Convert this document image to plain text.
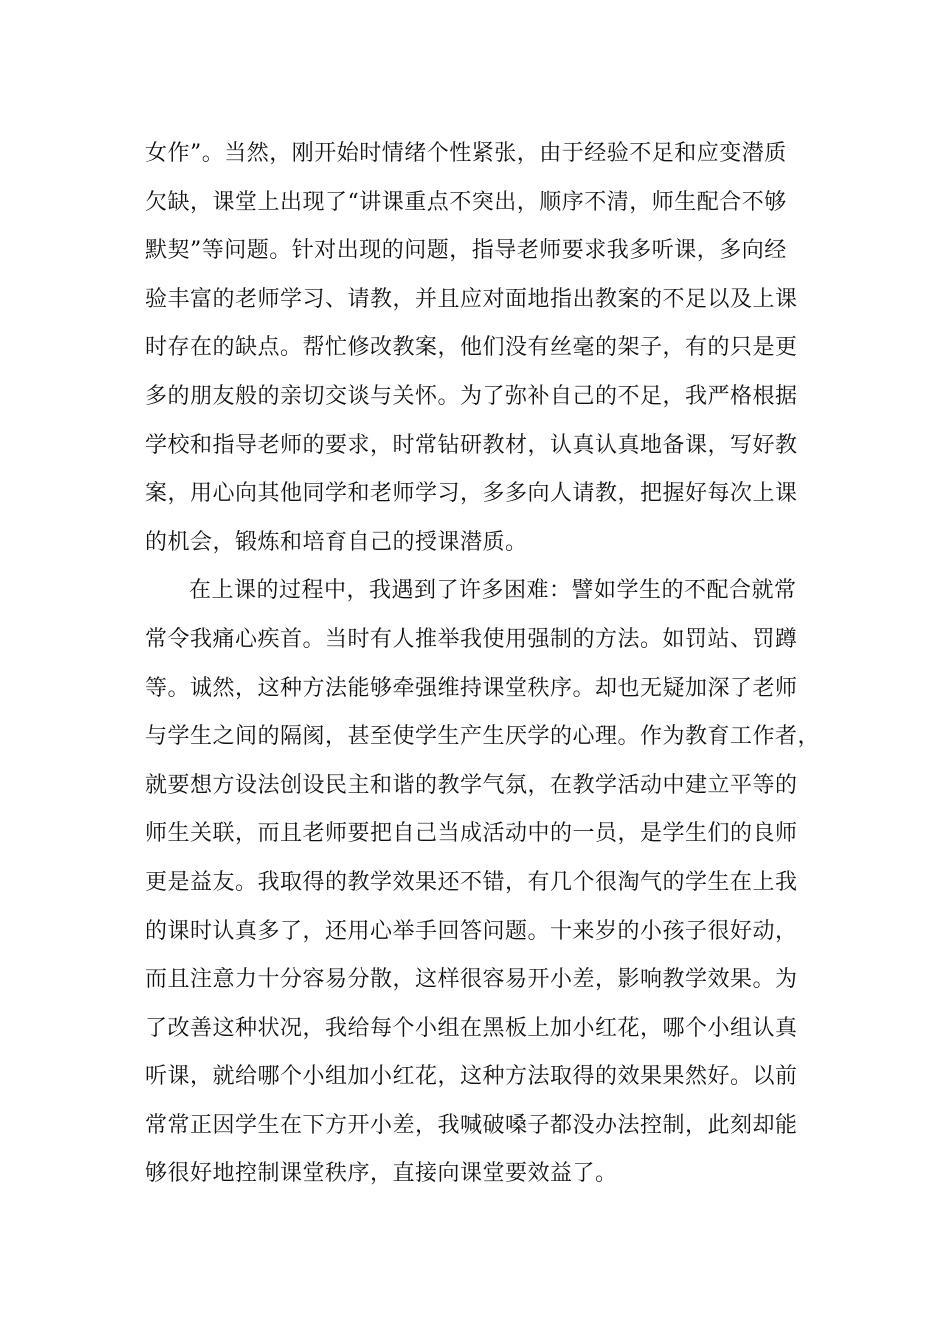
女作”。当然，刚开始时情绪个性紧张，由于经验不足和应变潜质
欠缺，课堂上出现了“讲课重点不突出，顺序不清，师生配合不够
默契”等问题。针对出现的问题，指导老师要求我多听课，多向经
验丰富的老师学习、请教，并且应对面地指出教案的不足以及上课
时存在的缺点。帮忙修改教案，他们没有丝毫的架子，有的只是更
多的朋友般的亲切交谈与关怀。为了弥补自己的不足，我严格根据
学校和指导老师的要求，时常钻研教材，认真认真地备课，写好教
案，用心向其他同学和老师学习，多多向人请教，把握好每次上课
的机会，锻炼和培育自己的授课潜质。
在上课的过程中，我遇到了许多困难：譬如学生的不配合就常
常令我痛心疾首。当时有人推举我使用强制的方法。如罚站、罚蹲
等。诚然，这种方法能够牵强维持课堂秩序。却也无疑加深了老师
与学生之间的隔阂，甚至使学生产生厌学的心理。作为教育工作者，
就要想方设法创设民主和谐的教学气氛，在教学活动中建立平等的
师生关联，而且老师要把自己当成活动中的一员，是学生们的良师
更是益友。我取得的教学效果还不错，有几个很淘气的学生在上我
的课时认真多了，还用心举手回答问题。十来岁的小孩子很好动，
而且注意力十分容易分散，这样很容易开小差，影响教学效果。为
了改善这种状况，我给每个小组在黑板上加小红花，哪个小组认真
听课，就给哪个小组加小红花，这种方法取得的效果果然好。以前
常常正因学生在下方开小差，我喊破嗓子都没办法控制，此刻却能
够很好地控制课堂秩序，直接向课堂要效益了。
